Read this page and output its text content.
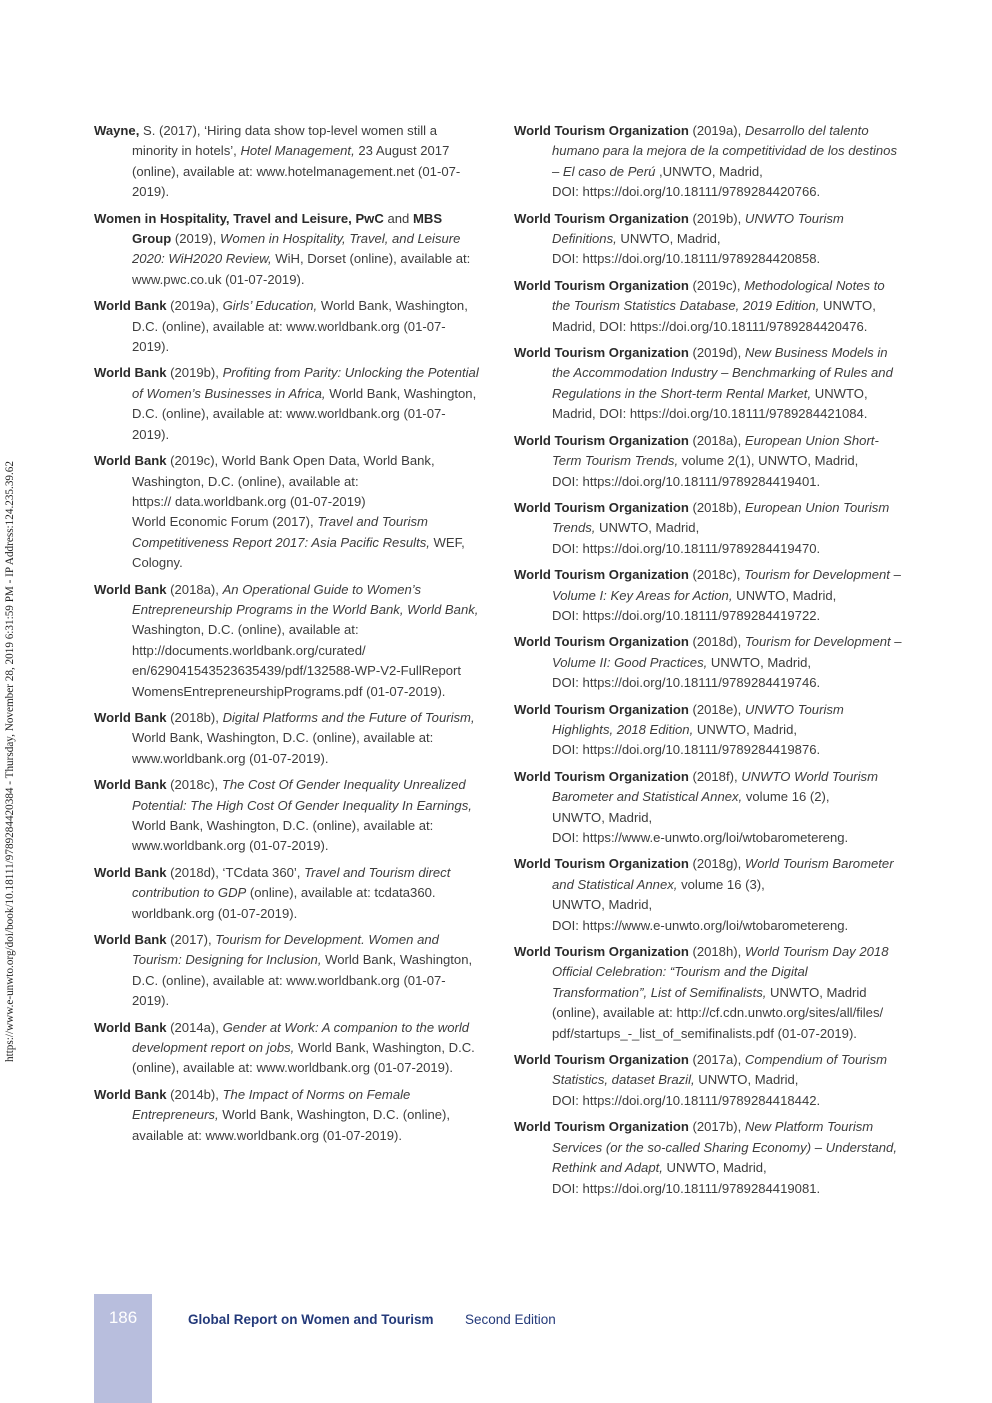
https://www.e-unwto.org/doi/book/10.18111/9789284420384 - Thursday, November 28, 2019 6:31:59 PM - IP Address:124.235.39.62

Wayne, S. (2017), ‘Hiring data show top-level women still a minority in hotels’, Hotel Management, 23 August 2017 (online), available at: www.hotelmanagement.net (01-07-2019).

Women in Hospitality, Travel and Leisure, PwC and MBS Group (2019), Women in Hospitality, Travel, and Leisure 2020: WiH2020 Review, WiH, Dorset (online), available at: www.pwc.co.uk (01-07-2019).

World Bank (2019a), Girls’ Education, World Bank, Washington, D.C. (online), available at: www.worldbank.org (01-07-2019).

World Bank (2019b), Profiting from Parity: Unlocking the Potential of Women’s Businesses in Africa, World Bank, Washington, D.C. (online), available at: www.worldbank.org (01-07-2019).

World Bank (2019c), World Bank Open Data, World Bank, Washington, D.C. (online), available at:
https:// data.worldbank.org (01-07-2019)
World Economic Forum (2017), Travel and Tourism Competitiveness Report 2017: Asia Pacific Results, WEF, Cologny.

World Bank (2018a), An Operational Guide to Women’s Entrepreneurship Programs in the World Bank, World Bank, Washington, D.C. (online), available at:
http://documents.worldbank.org/curated/
en/629041543523635439/pdf/132588-WP-V2-FullReport
WomensEntrepreneurshipPrograms.pdf (01-07-2019).

World Bank (2018b), Digital Platforms and the Future of Tourism, World Bank, Washington, D.C. (online), available at: www.worldbank.org (01-07-2019).

World Bank (2018c), The Cost Of Gender Inequality Unrealized Potential: The High Cost Of Gender Inequality In Earnings, World Bank, Washington, D.C. (online), available at: www.worldbank.org (01-07-2019).

World Bank (2018d), ‘TCdata 360’, Travel and Tourism direct contribution to GDP (online), available at: tcdata360.
worldbank.org (01-07-2019).

World Bank (2017), Tourism for Development. Women and Tourism: Designing for Inclusion, World Bank, Washington, D.C. (online), available at: www.worldbank.org (01-07-2019).

World Bank (2014a), Gender at Work: A companion to the world development report on jobs, World Bank, Washington, D.C. (online), available at: www.worldbank.org (01-07-2019).

World Bank (2014b), The Impact of Norms on Female Entrepreneurs, World Bank, Washington, D.C. (online), available at: www.worldbank.org (01-07-2019).

World Tourism Organization (2019a), Desarrollo del talento humano para la mejora de la competitividad de los destinos – El caso de Perú ,UNWTO, Madrid,
DOI: https://doi.org/10.18111/9789284420766.

World Tourism Organization (2019b), UNWTO Tourism Definitions, UNWTO, Madrid,
DOI: https://doi.org/10.18111/9789284420858.

World Tourism Organization (2019c), Methodological Notes to the Tourism Statistics Database, 2019 Edition, UNWTO, Madrid, DOI: https://doi.org/10.18111/9789284420476.

World Tourism Organization (2019d), New Business Models in the Accommodation Industry – Benchmarking of Rules and Regulations in the Short-term Rental Market, UNWTO, Madrid, DOI: https://doi.org/10.18111/9789284421084.

World Tourism Organization (2018a), European Union Short-Term Tourism Trends, volume 2(1), UNWTO, Madrid,
DOI: https://doi.org/10.18111/9789284419401.

World Tourism Organization (2018b), European Union Tourism Trends, UNWTO, Madrid,
DOI: https://doi.org/10.18111/9789284419470.

World Tourism Organization (2018c), Tourism for Development – Volume I: Key Areas for Action, UNWTO, Madrid,
DOI: https://doi.org/10.18111/9789284419722.

World Tourism Organization (2018d), Tourism for Development – Volume II: Good Practices, UNWTO, Madrid,
DOI: https://doi.org/10.18111/9789284419746.

World Tourism Organization (2018e), UNWTO Tourism Highlights, 2018 Edition, UNWTO, Madrid,
DOI: https://doi.org/10.18111/9789284419876.

World Tourism Organization (2018f), UNWTO World Tourism Barometer and Statistical Annex, volume 16 (2),
UNWTO, Madrid,
DOI: https://www.e-unwto.org/loi/wtobarometereng.

World Tourism Organization (2018g), World Tourism Barometer and Statistical Annex, volume 16 (3),
UNWTO, Madrid,
DOI: https://www.e-unwto.org/loi/wtobarometereng.

World Tourism Organization (2018h), World Tourism Day 2018 Official Celebration: “Tourism and the Digital Transformation”, List of Semifinalists, UNWTO, Madrid (online), available at: http://cf.cdn.unwto.org/sites/all/files/
pdf/startups_-_list_of_semifinalists.pdf (01-07-2019).

World Tourism Organization (2017a), Compendium of Tourism Statistics, dataset Brazil, UNWTO, Madrid,
DOI: https://doi.org/10.18111/9789284418442.

World Tourism Organization (2017b), New Platform Tourism Services (or the so-called Sharing Economy) – Understand, Rethink and Adapt, UNWTO, Madrid,
DOI: https://doi.org/10.18111/9789284419081.

186	Global Report on Women and Tourism Second Edition
